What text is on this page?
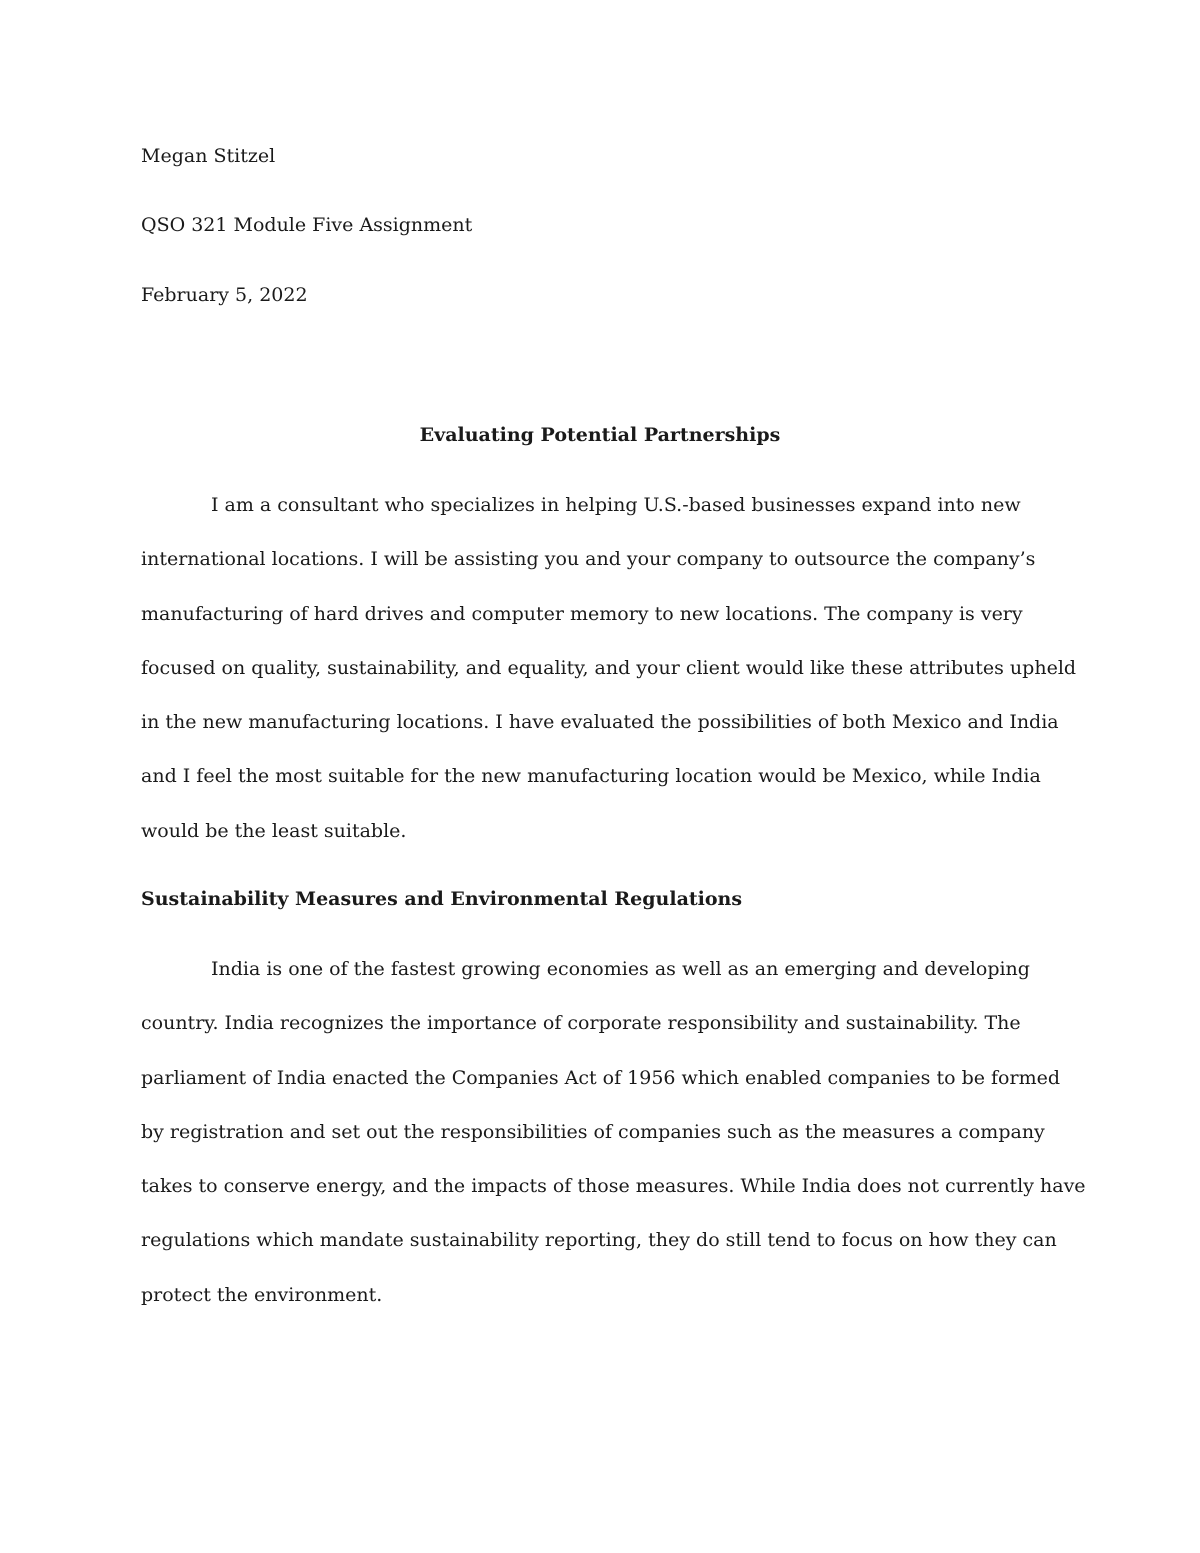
Megan Stitzel
QSO 321 Module Five Assignment
February 5, 2022
Evaluating Potential Partnerships
I am a consultant who specializes in helping U.S.-based businesses expand into new
international locations. I will be assisting you and your company to outsource the company’s
manufacturing of hard drives and computer memory to new locations. The company is very
focused on quality, sustainability, and equality, and your client would like these attributes upheld
in the new manufacturing locations. I have evaluated the possibilities of both Mexico and India
and I feel the most suitable for the new manufacturing location would be Mexico, while India
would be the least suitable.
Sustainability Measures and Environmental Regulations
India is one of the fastest growing economies as well as an emerging and developing
country. India recognizes the importance of corporate responsibility and sustainability. The
parliament of India enacted the Companies Act of 1956 which enabled companies to be formed
by registration and set out the responsibilities of companies such as the measures a company
takes to conserve energy, and the impacts of those measures. While India does not currently have
regulations which mandate sustainability reporting, they do still tend to focus on how they can
protect the environment.
